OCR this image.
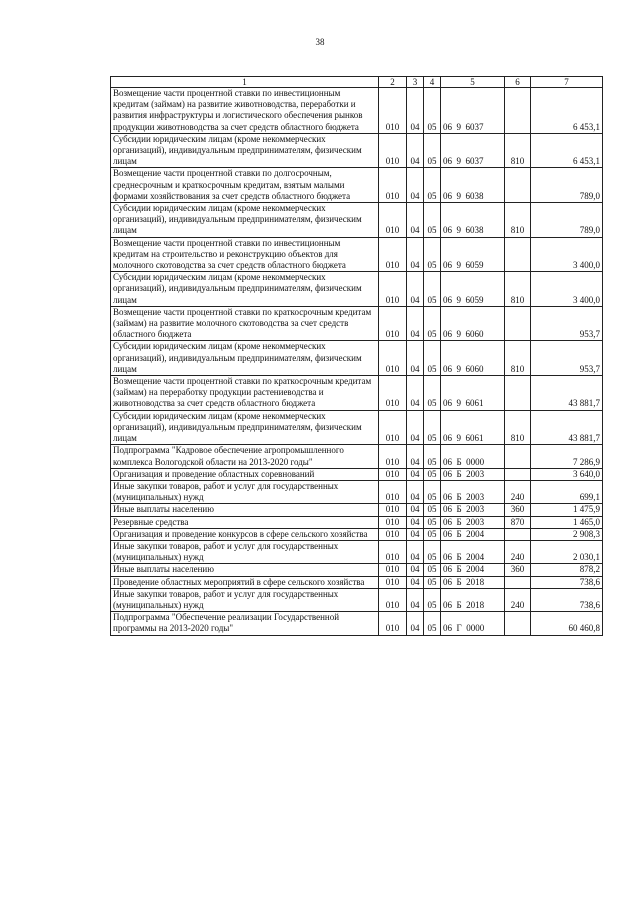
38
1	2	3	4	5	6	7
Возмещение части процентной ставки по инвестиционным кредитам (займам) на развитие животноводства, переработки и развития инфраструктуры и логистического обеспечения рынков продукции животноводства за счет средств областного бюджета	010	04	05	06  9  6037		6 453,1
Субсидии юридическим лицам (кроме некоммерческих организаций), индивидуальным предпринимателям, физическим лицам	010	04	05	06  9  6037	810	6 453,1
Возмещение части процентной ставки по долгосрочным, среднесрочным и краткосрочным кредитам, взятым малыми формами хозяйствования за счет средств областного бюджета	010	04	05	06  9  6038		789,0
Субсидии юридическим лицам (кроме некоммерческих организаций), индивидуальным предпринимателям, физическим лицам	010	04	05	06  9  6038	810	789,0
Возмещение части процентной ставки по инвестиционным кредитам на строительство и реконструкцию объектов для молочного скотоводства за счет средств областного бюджета	010	04	05	06  9  6059		3 400,0
Субсидии юридическим лицам (кроме некоммерческих организаций), индивидуальным предпринимателям, физическим лицам	010	04	05	06  9  6059	810	3 400,0
Возмещение части процентной ставки по краткосрочным кредитам (займам) на развитие молочного скотоводства за счет средств областного бюджета	010	04	05	06  9  6060		953,7
Субсидии юридическим лицам (кроме некоммерческих организаций), индивидуальным предпринимателям, физическим лицам	010	04	05	06  9  6060	810	953,7
Возмещение части процентной ставки по краткосрочным кредитам (займам) на переработку продукции растениеводства и животноводства за счет средств областного бюджета	010	04	05	06  9  6061		43 881,7
Субсидии юридическим лицам (кроме некоммерческих организаций), индивидуальным предпринимателям, физическим лицам	010	04	05	06  9  6061	810	43 881,7
Подпрограмма "Кадровое обеспечение агропромышленного комплекса Вологодской области на 2013-2020 годы"	010	04	05	06  Б  0000		7 286,9
Организация и проведение областных соревнований	010	04	05	06  Б  2003		3 640,0
Иные закупки товаров, работ и услуг для государственных (муниципальных) нужд	010	04	05	06  Б  2003	240	699,1
Иные выплаты населению	010	04	05	06  Б  2003	360	1 475,9
Резервные средства	010	04	05	06  Б  2003	870	1 465,0
Организация и проведение конкурсов в сфере сельского хозяйства	010	04	05	06  Б  2004		2 908,3
Иные закупки товаров, работ и услуг для государственных (муниципальных) нужд	010	04	05	06  Б  2004	240	2 030,1
Иные выплаты населению	010	04	05	06  Б  2004	360	878,2
Проведение областных мероприятий в сфере сельского хозяйства	010	04	05	06  Б  2018		738,6
Иные закупки товаров, работ и услуг для государственных (муниципальных) нужд	010	04	05	06  Б  2018	240	738,6
Подпрограмма "Обеспечение реализации Государственной программы на 2013-2020 годы"	010	04	05	06  Г  0000		60 460,8
